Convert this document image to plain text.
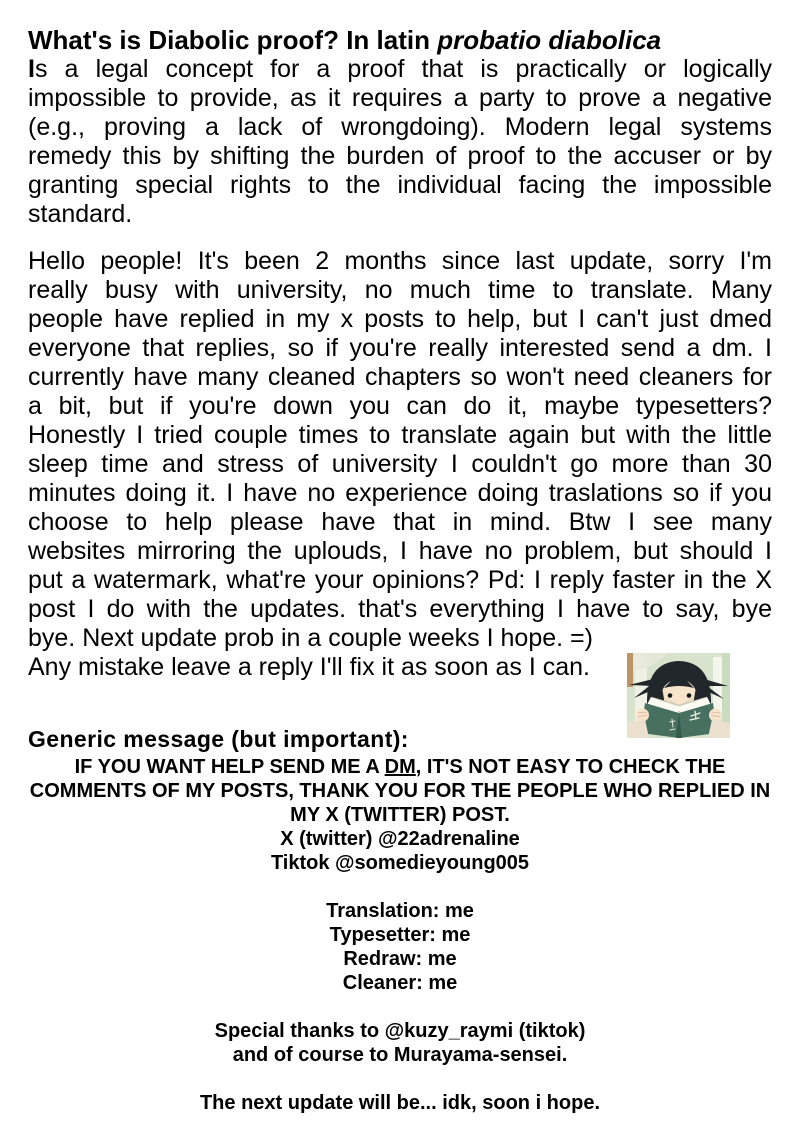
What's is Diabolic proof? In latin probatio diabolica
Is a legal concept for a proof that is practically or logically
impossible to provide, as it requires a party to prove a negative
(e.g., proving a lack of wrongdoing). Modern legal systems
remedy this by shifting the burden of proof to the accuser or by
granting special rights to the individual facing the impossible
standard.
Hello people! It's been 2 months since last update, sorry I'm
really busy with university, no much time to translate. Many
people have replied in my x posts to help, but I can't just dmed
everyone that replies, so if you're really interested send a dm. I
currently have many cleaned chapters so won't need cleaners for
a bit, but if you're down you can do it, maybe typesetters?
Honestly I tried couple times to translate again but with the little
sleep time and stress of university I couldn't go more than 30
minutes doing it. I have no experience doing traslations so if you
choose to help please have that in mind. Btw I see many
websites mirroring the uplouds, I have no problem, but should I
put a watermark, what're your opinions? Pd: I reply faster in the X
post I do with the updates. that's everything I have to say, bye
bye. Next update prob in a couple weeks I hope. =)
Any mistake leave a reply I'll fix it as soon as I can.
Generic message (but important):
IF YOU WANT HELP SEND ME A DM, IT'S NOT EASY TO CHECK THE
COMMENTS OF MY POSTS, THANK YOU FOR THE PEOPLE WHO REPLIED IN
MY X (TWITTER) POST.
X (twitter) @22adrenaline
Tiktok @somedieyoung005
Translation: me
Typesetter: me
Redraw: me
Cleaner: me
Special thanks to @kuzy_raymi (tiktok)
and of course to Murayama-sensei.
The next update will be... idk, soon i hope.
